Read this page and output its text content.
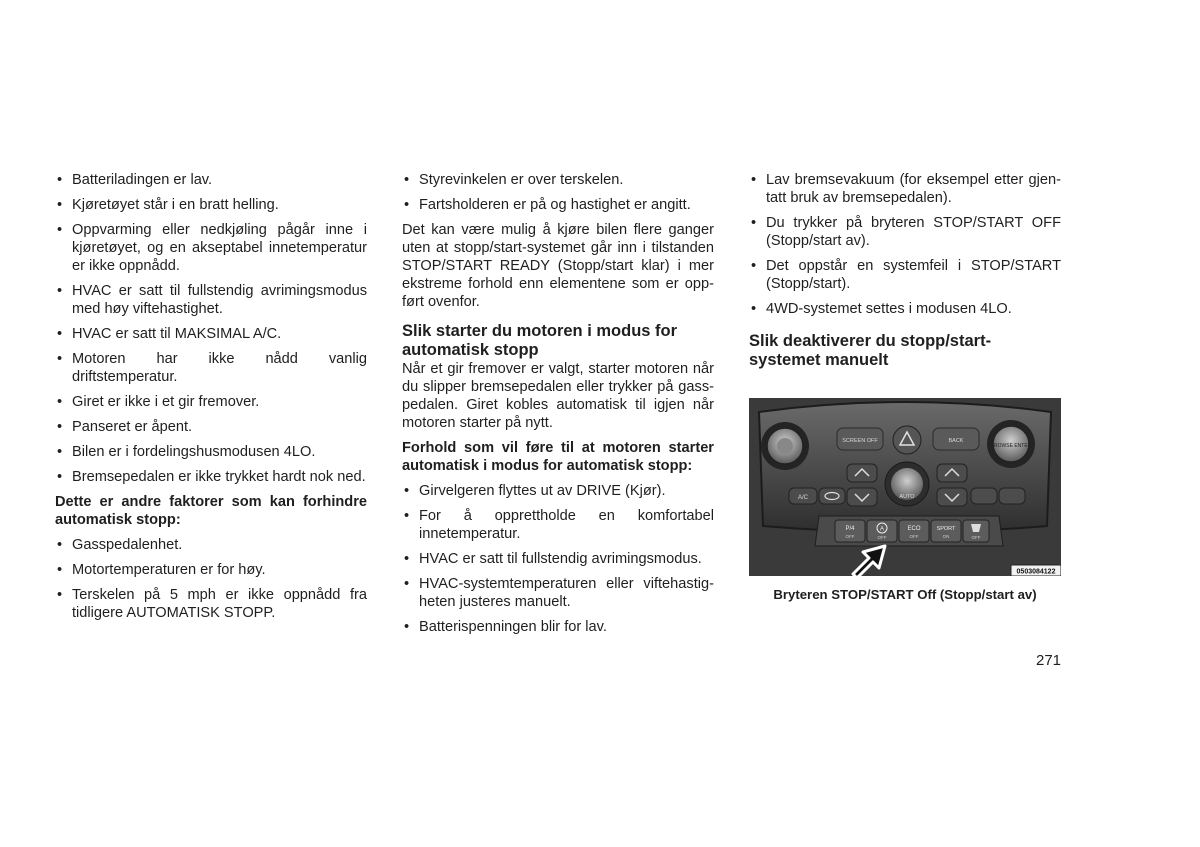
• Batteriladingen er lav.
• Kjøretøyet står i en bratt helling.
• Oppvarming eller nedkjøling pågår inne i kjøretøyet, og en akseptabel innetemperatur er ikke oppnådd.
• HVAC er satt til fullstendig avrimingsmodus med høy viftehastighet.
• HVAC er satt til MAKSIMAL A/C.
• Motoren har ikke nådd vanlig driftstemperatur.
• Giret er ikke i et gir fremover.
• Panseret er åpent.
• Bilen er i fordelingshusmodusen 4LO.
• Bremsepedalen er ikke trykket hardt nok ned.

Dette er andre faktorer som kan forhindre automatisk stopp:

• Gasspedalenhet.
• Motortemperaturen er for høy.
• Terskelen på 5 mph er ikke oppnådd fra tidligere AUTOMATISK STOPP.
• Styrevinkelen er over terskelen.
• Fartsholderen er på og hastighet er angitt.

Det kan være mulig å kjøre bilen flere ganger uten at stopp/start-systemet går inn i tilstanden STOP/START READY (Stopp/start klar) i mer ekstreme forhold enn elementene som er oppført ovenfor.

Slik starter du motoren i modus for automatisk stopp

Når et gir fremover er valgt, starter motoren når du slipper bremsepedalen eller trykker på gasspedalen. Giret kobles automatisk til igjen når motoren starter på nytt.

Forhold som vil føre til at motoren starter automatisk i modus for automatisk stopp:

• Girvelgeren flyttes ut av DRIVE (Kjør).
• For å opprettholde en komfortabel innetemperatur.
• HVAC er satt til fullstendig avrimingsmodus.
• HVAC-systemtemperaturen eller viftehastigheten justeres manuelt.
• Batterispenningen blir for lav.
• Lav bremsevakuum (for eksempel etter gjentatt bruk av bremsepedalen).
• Du trykker på bryteren STOP/START OFF (Stopp/start av).
• Det oppstår en systemfeil i STOP/START (Stopp/start).
• 4WD-systemet settes i modusen 4LO.
Slik deaktiverer du stopp/start-systemet manuelt
BROWSE ENTER
SCREEN OFF	BACK
AUTO
A/C
P/4
OFF
A
OFF
ECO
OFF
SPORT
ON	OFF
0503084122
Bryteren STOP/START Off (Stopp/start av)
271
